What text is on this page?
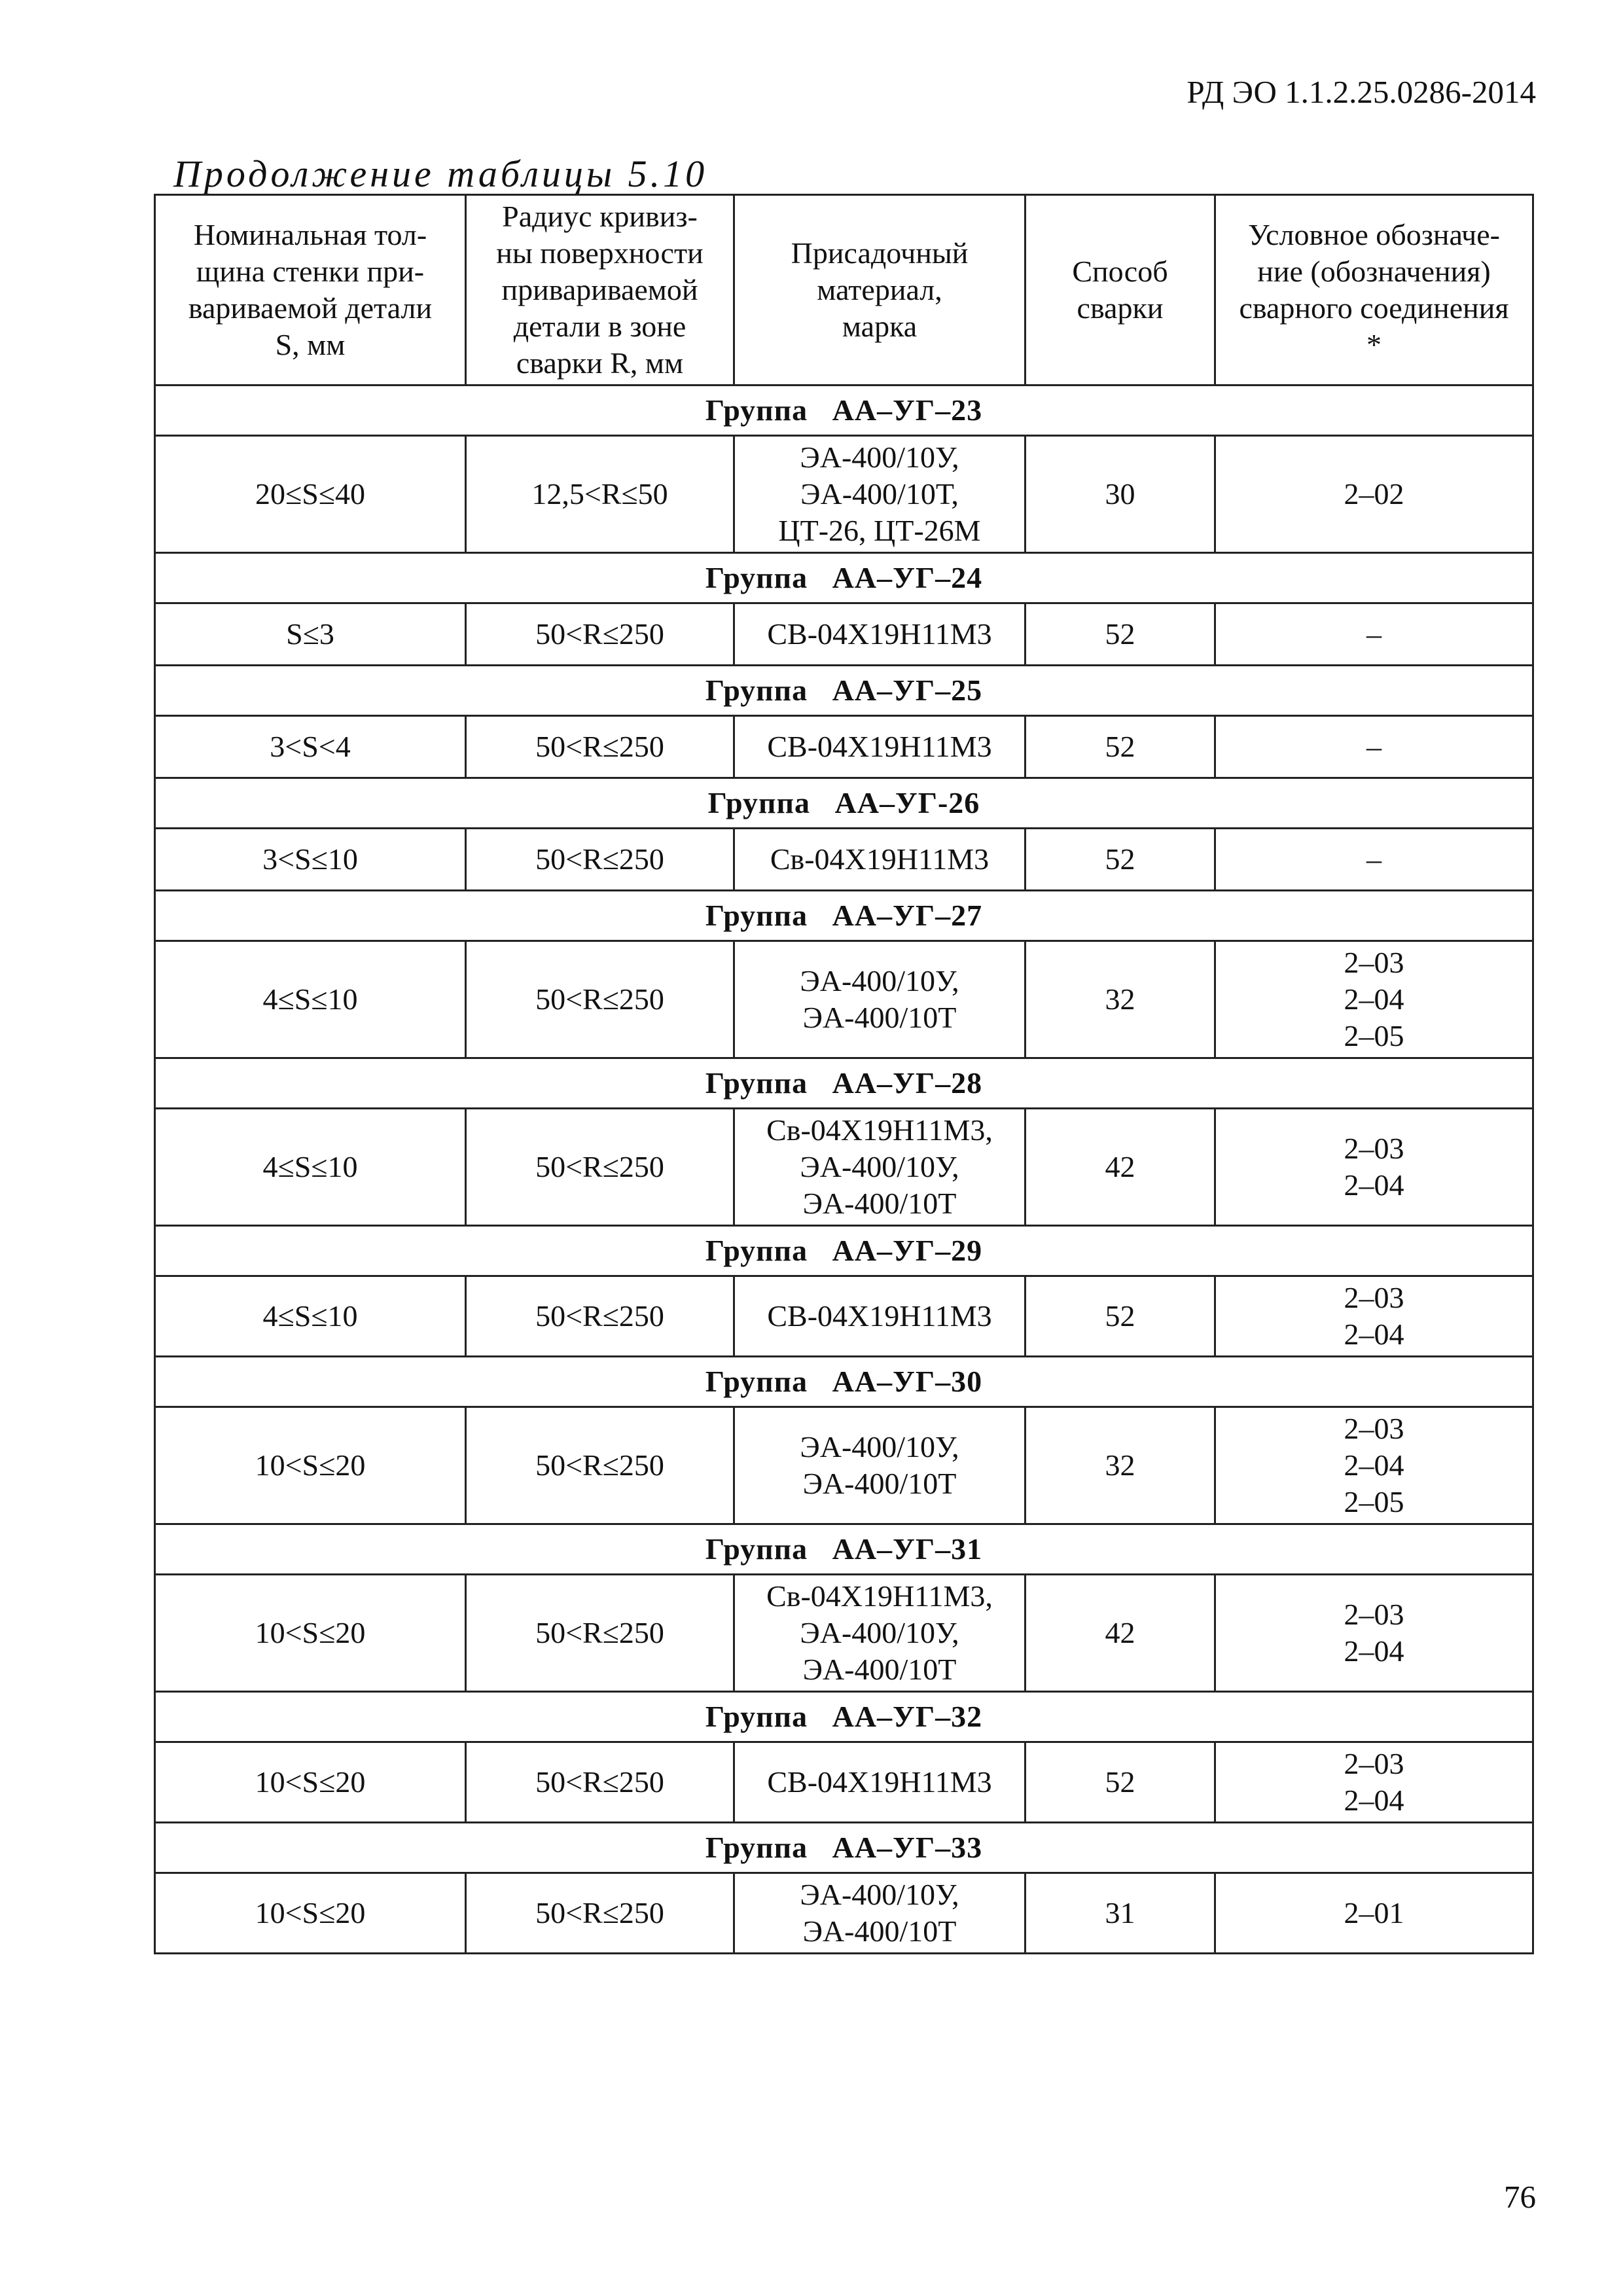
РД ЭО 1.1.2.25.0286-2014
Продолжение таблицы 5.10
Номинальная тол-
щина стенки при-
вариваемой детали
S, мм	Радиус кривиз-
ны поверхности
привариваемой
детали в зоне
сварки R, мм	Присадочный
материал,
марка	Способ
сварки	Условное обозначе-
ние (обозначения)
сварного соединения
*
Группа   АА–УГ–23				
20≤S≤40	12,5<R≤50	ЭА-400/10У,
ЭА-400/10Т,
ЦТ-26, ЦТ-26М	30	2–02
Группа   АА–УГ–24				
S≤3	50<R≤250	СВ-04Х19Н11М3	52	–
Группа   АА–УГ–25				
3<S<4	50<R≤250	СВ-04Х19Н11М3	52	–
Группа   АА–УГ-26				
3<S≤10	50<R≤250	Св-04Х19Н11М3	52	–
Группа   АА–УГ–27				
4≤S≤10	50<R≤250	ЭА-400/10У,
ЭА-400/10Т	32	2–03
2–04
2–05
Группа   АА–УГ–28				
4≤S≤10	50<R≤250	Св-04Х19Н11М3,
ЭА-400/10У,
ЭА-400/10Т	42	2–03
2–04
Группа   АА–УГ–29				
4≤S≤10	50<R≤250	СВ-04Х19Н11М3	52	2–03
2–04
Группа   АА–УГ–30				
10<S≤20	50<R≤250	ЭА-400/10У,
ЭА-400/10Т	32	2–03
2–04
2–05
Группа   АА–УГ–31				
10<S≤20	50<R≤250	Св-04Х19Н11М3,
ЭА-400/10У,
ЭА-400/10Т	42	2–03
2–04
Группа   АА–УГ–32				
10<S≤20	50<R≤250	СВ-04Х19Н11М3	52	2–03
2–04
Группа   АА–УГ–33				
10<S≤20	50<R≤250	ЭА-400/10У,
ЭА-400/10Т	31	2–01
76
